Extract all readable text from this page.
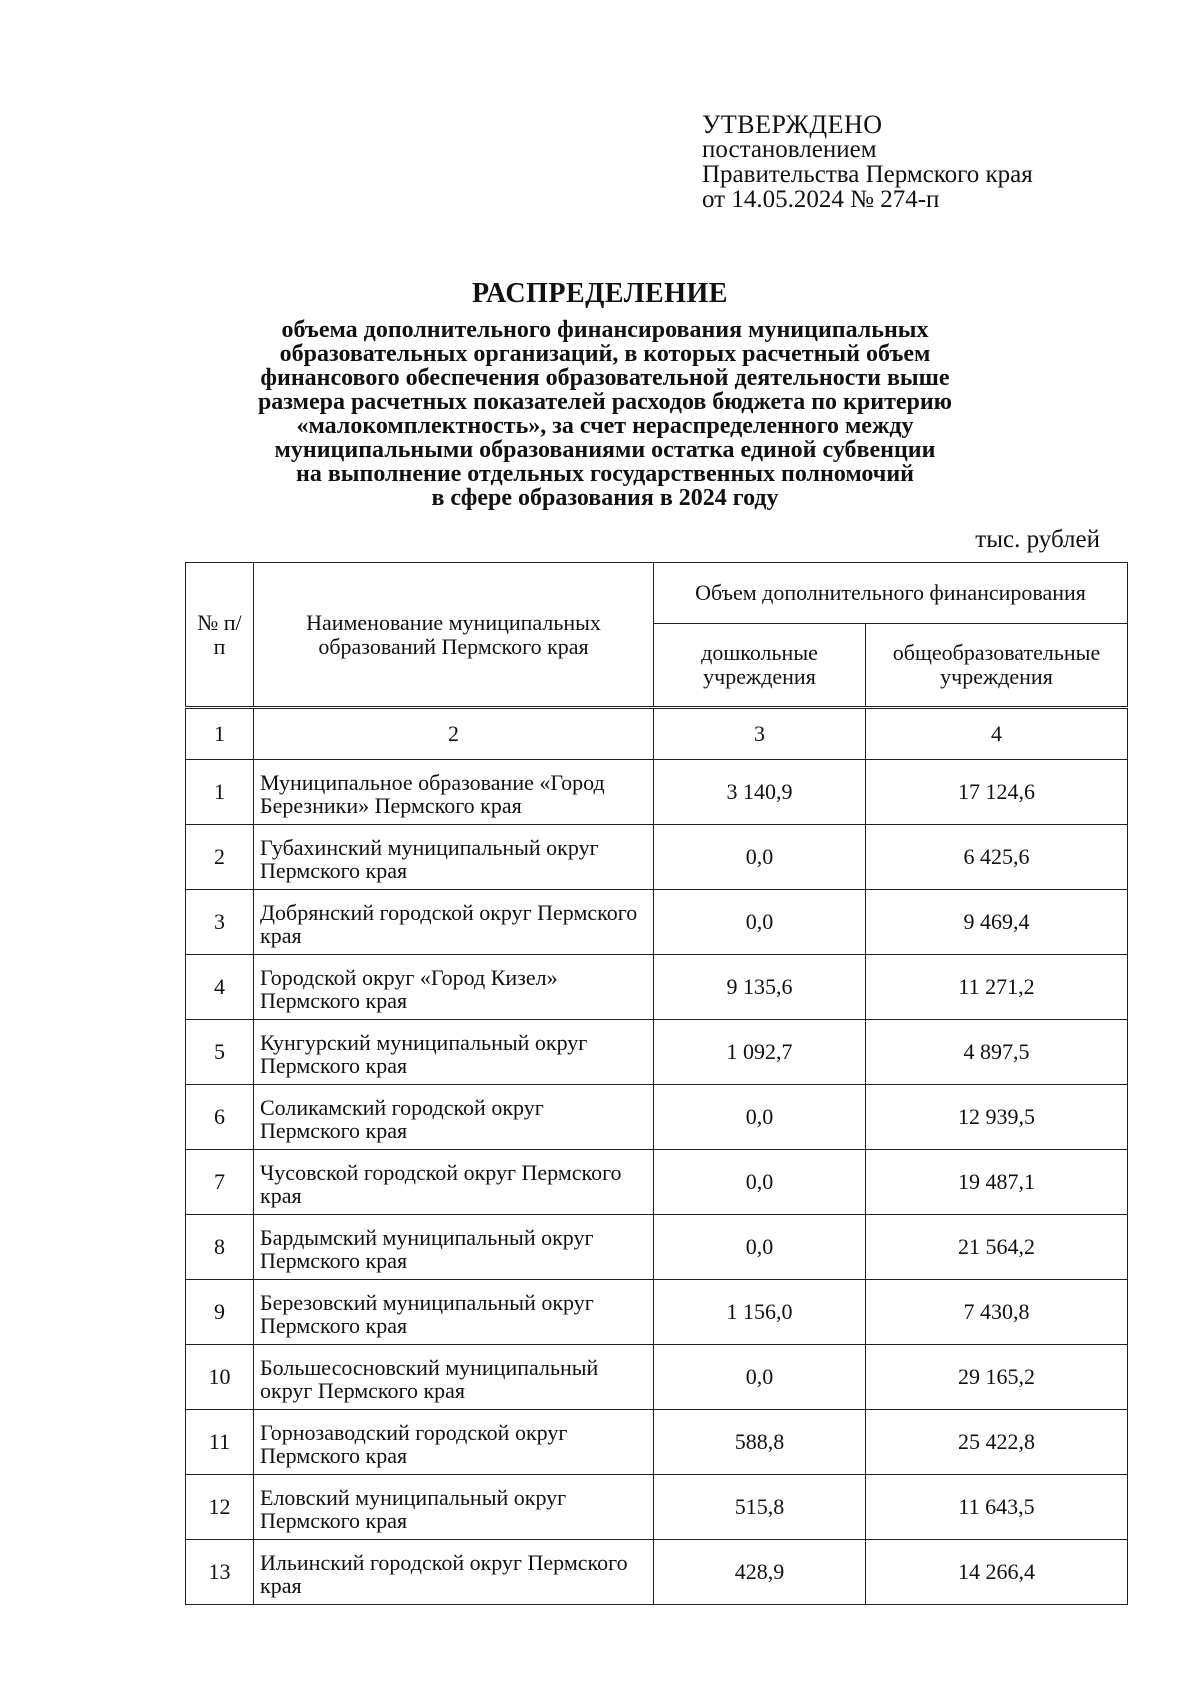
УТВЕРЖДЕНО
постановлением
Правительства Пермского края
от 14.05.2024 № 274-п
РАСПРЕДЕЛЕНИЕ
объема дополнительного финансирования муниципальных
образовательных организаций, в которых расчетный объем
финансового обеспечения образовательной деятельности выше
размера расчетных показателей расходов бюджета по критерию
«малокомплектность», за счет нераспределенного между
муниципальными образованиями остатка единой субвенции
на выполнение отдельных государственных полномочий
в сфере образования в 2024 году
тыс. рублей
№ п/п	Наименование муниципальных образований Пермского края	Объем дополнительного финансирования	
		дошкольные учреждения	общеобразовательные учреждения
1	2	3	4
1	Муниципальное образование «Город Березники» Пермского края	3 140,9	17 124,6
2	Губахинский муниципальный округ Пермского края	0,0	6 425,6
3	Добрянский городской округ Пермского края	0,0	9 469,4
4	Городской округ «Город Кизел» Пермского края	9 135,6	11 271,2
5	Кунгурский муниципальный округ Пермского края	1 092,7	4 897,5
6	Соликамский городской округ Пермского края	0,0	12 939,5
7	Чусовской городской округ Пермского края	0,0	19 487,1
8	Бардымский муниципальный округ Пермского края	0,0	21 564,2
9	Березовский муниципальный округ Пермского края	1 156,0	7 430,8
10	Большесосновский муниципальный округ Пермского края	0,0	29 165,2
11	Горнозаводский городской округ Пермского края	588,8	25 422,8
12	Еловский муниципальный округ Пермского края	515,8	11 643,5
13	Ильинский городской округ Пермского края	428,9	14 266,4
